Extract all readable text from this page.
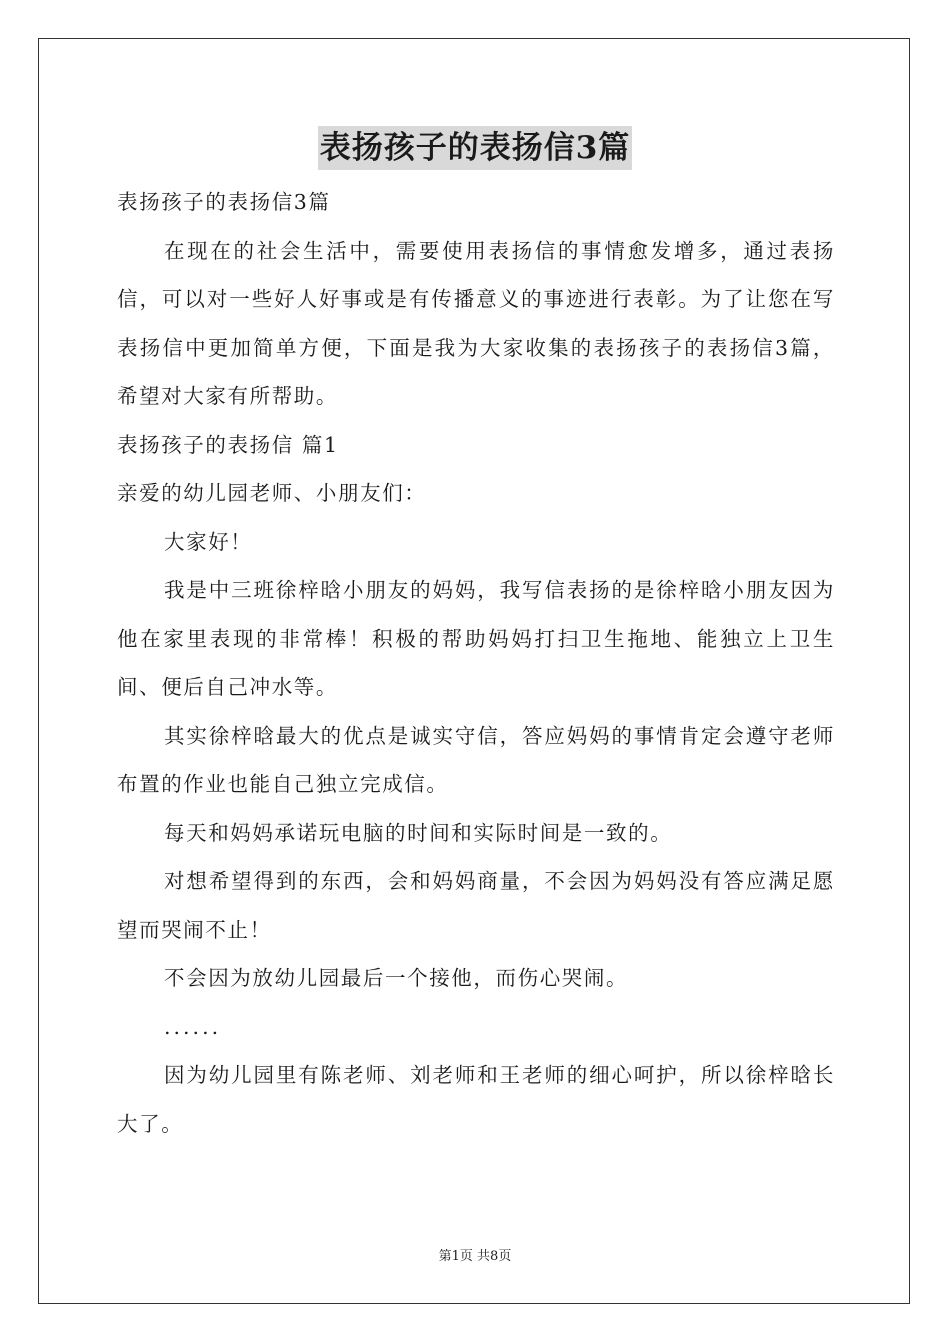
表扬孩子的表扬信3篇

表扬孩子的表扬信3篇

在现在的社会生活中，需要使用表扬信的事情愈发增多，通过表扬信，可以对一些好人好事或是有传播意义的事迹进行表彰。为了让您在写表扬信中更加简单方便，下面是我为大家收集的表扬孩子的表扬信3篇，希望对大家有所帮助。

表扬孩子的表扬信 篇1

亲爱的幼儿园老师、小朋友们：

大家好！

我是中三班徐梓晗小朋友的妈妈，我写信表扬的是徐梓晗小朋友因为他在家里表现的非常棒！积极的帮助妈妈打扫卫生拖地、能独立上卫生间、便后自己冲水等。

其实徐梓晗最大的优点是诚实守信，答应妈妈的事情肯定会遵守老师布置的作业也能自己独立完成信。

每天和妈妈承诺玩电脑的时间和实际时间是一致的。

对想希望得到的东西，会和妈妈商量，不会因为妈妈没有答应满足愿望而哭闹不止！

不会因为放幼儿园最后一个接他，而伤心哭闹。

......

因为幼儿园里有陈老师、刘老师和王老师的细心呵护，所以徐梓晗长大了。

第1页 共8页
